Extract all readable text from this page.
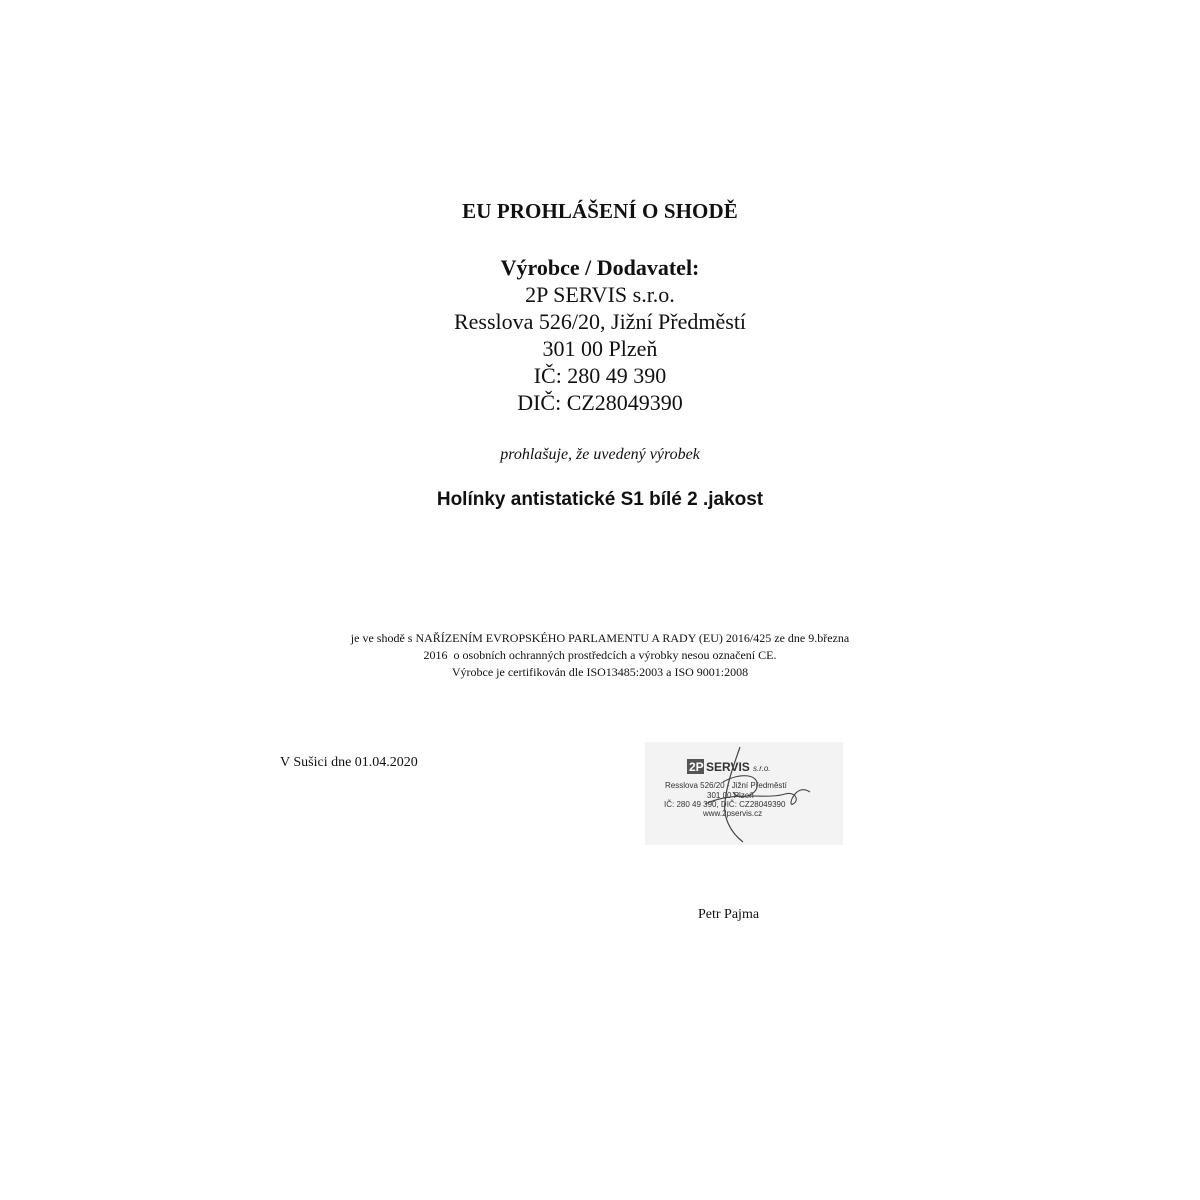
EU PROHLÁŠENÍ O SHODĚ
Výrobce / Dodavatel:
2P SERVIS s.r.o.
Resslova 526/20, Jižní Předměstí
301 00 Plzeň
IČ: 280 49 390
DIČ: CZ28049390
prohlašuje, že uvedený výrobek
Holínky antistatické S1 bílé 2 .jakost
je ve shodě s NAŘÍZENÍM EVROPSKÉHO PARLAMENTU A RADY (EU) 2016/425 ze dne 9.března
2016  o osobních ochranných prostředcích a výrobky nesou označení CE.
Výrobce je certifikován dle ISO13485:2003 a ISO 9001:2008
V Sušici dne 01.04.2020	2P SERVIS s.r.o.
Resslova 526/20 - Jižní Předměstí
301 00 Plzeň
IČ: 280 49 390, DIČ: CZ28049390
www.2pservis.cz
Petr Pajma
